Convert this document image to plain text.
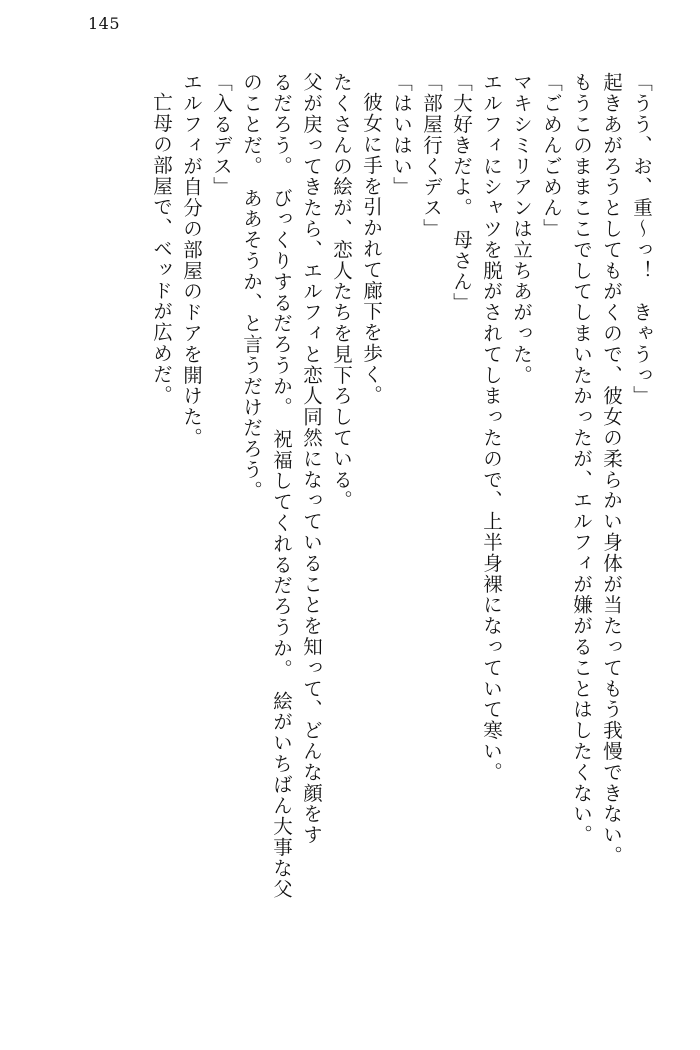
145
「うう、お、重～っ！　きゃうっ」
起きあがろうとしてもがくので、彼女の柔らかい身体が当たってもう我慢できない。
もうこのままここでしてしまいたかったが、エルフィが嫌がることはしたくない。
「ごめんごめん」
マキシミリアンは立ちあがった。
エルフィにシャツを脱がされてしまったので、上半身裸になっていて寒い。
「大好きだよ。　母さん」
「部屋行くデス」
「はいはい」
彼女に手を引かれて廊下を歩く。
たくさんの絵が、恋人たちを見下ろしている。
父が戻ってきたら、エルフィと恋人同然になっていることを知って、どんな顔をす
るだろう。　びっくりするだろうか。　祝福してくれるだろうか。　絵がいちばん大事な父
のことだ。　ああそうか、と言うだけだろう。
「入るデス」
エルフィが自分の部屋のドアを開けた。
亡母の部屋で、ベッドが広めだ。
